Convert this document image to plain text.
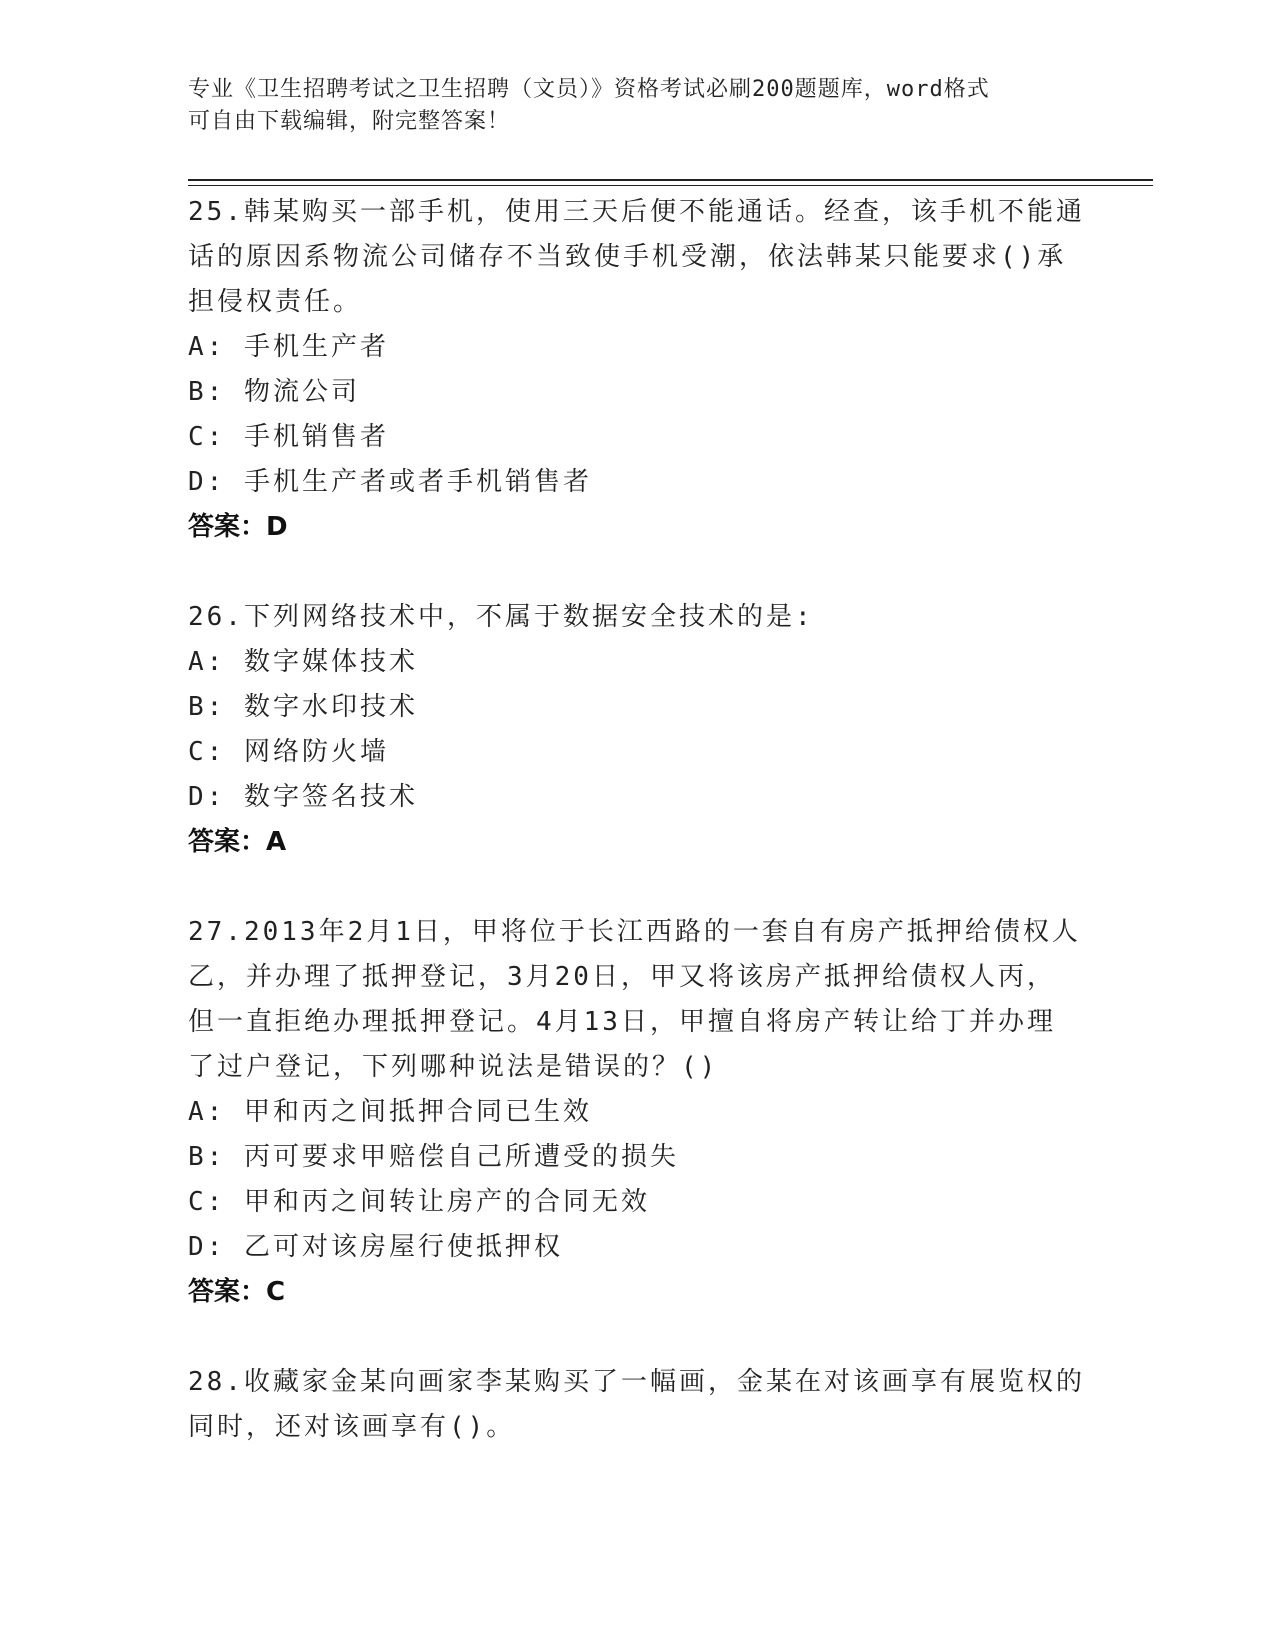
专业《卫生招聘考试之卫生招聘（文员）》资格考试必刷200题题库，word格式
可自由下载编辑，附完整答案！
25.韩某购买一部手机，使用三天后便不能通话。经查，该手机不能通
话的原因系物流公司储存不当致使手机受潮，依法韩某只能要求()承
担侵权责任。
A: 手机生产者
B: 物流公司
C: 手机销售者
D: 手机生产者或者手机销售者
答案：D
26.下列网络技术中，不属于数据安全技术的是:
A: 数字媒体技术
B: 数字水印技术
C: 网络防火墙
D: 数字签名技术
答案：A
27.2013年2月1日，甲将位于长江西路的一套自有房产抵押给债权人
乙，并办理了抵押登记，3月20日，甲又将该房产抵押给债权人丙，
但一直拒绝办理抵押登记。4月13日，甲擅自将房产转让给丁并办理
了过户登记，下列哪种说法是错误的？()
A: 甲和丙之间抵押合同已生效
B: 丙可要求甲赔偿自己所遭受的损失
C: 甲和丙之间转让房产的合同无效
D: 乙可对该房屋行使抵押权
答案：C
28.收藏家金某向画家李某购买了一幅画，金某在对该画享有展览权的
同时，还对该画享有()。
